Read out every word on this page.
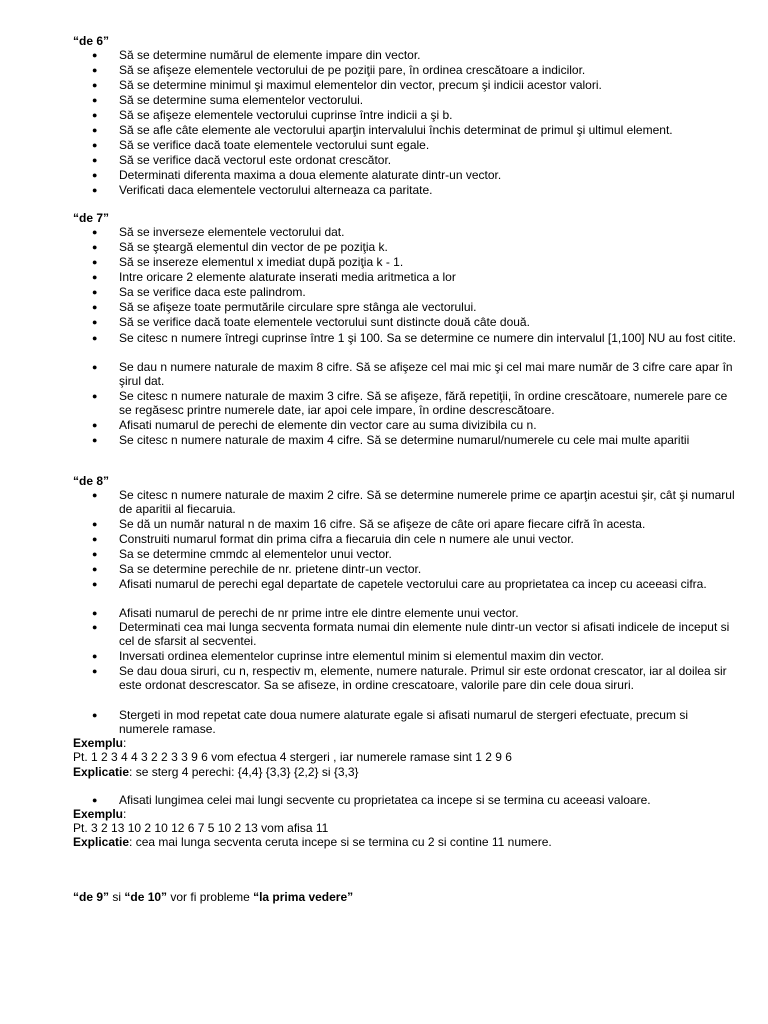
“de 6”
● Să se determine numărul de elemente impare din vector.
● Să se afişeze elementele vectorului de pe poziţii pare, în ordinea crescătoare a indicilor.
● Să se determine minimul şi maximul elementelor din vector, precum şi indicii acestor valori.
● Să se determine suma elementelor vectorului.
● Să se afişeze elementele vectorului cuprinse între indicii a şi b.
● Să se afle câte elemente ale vectorului aparţin intervalului închis determinat de primul şi ultimul element.
● Să se verifice dacă toate elementele vectorului sunt egale.
● Să se verifice dacă vectorul este ordonat crescător.
● Determinati diferenta maxima a doua elemente alaturate dintr-un vector.
● Verificati daca elementele vectorului alterneaza ca paritate.
“de 7”
● Să se inverseze elementele vectorului dat.
● Să se şteargă elementul din vector de pe poziţia k.
● Să se insereze elementul x imediat după poziţia k - 1.
● Intre oricare 2 elemente alaturate inserati media aritmetica a lor
● Sa se verifice daca este palindrom.
● Să se afişeze toate permutările circulare spre stânga ale vectorului.
● Să se verifice dacă toate elementele vectorului sunt distincte două câte două.
● Se citesc n numere întregi cuprinse între 1 şi 100. Sa se determine ce numere din intervalul [1,100] NU au fost citite.
● Se dau n numere naturale de maxim 8 cifre. Să se afişeze cel mai mic şi cel mai mare număr de 3 cifre care apar în şirul dat.
● Se citesc n numere naturale de maxim 3 cifre. Să se afişeze, fără repetiţii, în ordine crescătoare, numerele pare ce se regăsesc printre numerele date, iar apoi cele impare, în ordine descrescătoare.
● Afisati numarul de perechi de elemente din vector care au suma divizibila cu n.
● Se citesc n numere naturale de maxim 4 cifre. Să se determine numarul/numerele cu cele mai multe aparitii
“de 8”
● Se citesc n numere naturale de maxim 2 cifre. Să se determine numerele prime ce aparţin acestui şir, cât şi numarul de aparitii al fiecaruia.
● Se dă un număr natural n de maxim 16 cifre. Să se afişeze de câte ori apare fiecare cifră în acesta.
● Construiti numarul format din prima cifra a fiecaruia din cele n numere ale unui vector.
● Sa se determine cmmdc al elementelor unui vector.
● Sa se determine perechile de nr. prietene dintr-un vector.
● Afisati numarul de perechi egal departate de capetele vectorului care au proprietatea ca incep cu aceeasi cifra.
● Afisati numarul de perechi de nr prime intre ele dintre elemente unui vector.
● Determinati cea mai lunga secventa formata numai din elemente nule dintr-un vector si afisati indicele de inceput si cel de sfarsit al secventei.
● Inversati ordinea elementelor cuprinse intre elementul minim si elementul maxim din vector.
● Se dau doua siruri, cu n, respectiv m, elemente, numere naturale. Primul sir este ordonat crescator, iar al doilea sir este ordonat descrescator. Sa se afiseze, in ordine crescatoare, valorile pare din cele doua siruri.
● Stergeti in mod repetat cate doua numere alaturate egale si afisati numarul de stergeri efectuate, precum si numerele ramase.
Exemplu:
Pt. 1 2 3 4 4 3 2 2 3 3 9 6 vom efectua 4 stergeri , iar numerele ramase sint 1 2 9 6
Explicatie: se sterg 4 perechi: {4,4} {3,3} {2,2} si {3,3}
● Afisati lungimea celei mai lungi secvente cu proprietatea ca incepe si se termina cu aceeasi valoare.
Exemplu:
Pt. 3 2 13 10 2 10 12 6 7 5 10 2 13 vom afisa 11
Explicatie: cea mai lunga secventa ceruta incepe si se termina cu 2 si contine 11 numere.
“de 9” si “de 10” vor fi probleme “la prima vedere”
